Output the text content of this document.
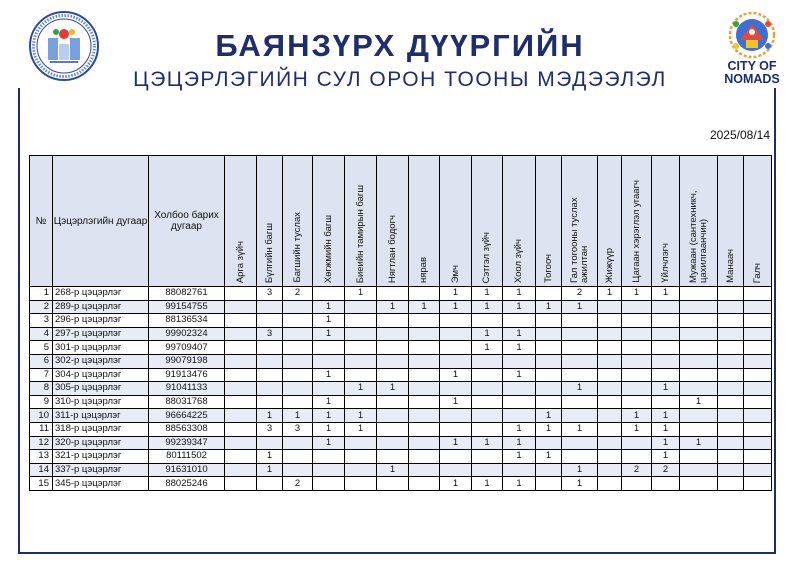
БАЯНЗҮРХ ДҮҮРГИЙН
ЦЭЦЭРЛЭГИЙН СУЛ ОРОН ТООНЫ МЭДЭЭЛЭЛ
CITY OF
NOMADS
2025/08/14
№	Цэцэрлэгийн дугаар	Холбоо барих дугаар	Арга зүйч	Бүлгийн багш	Багшийн туслах	Хөгжмийн багш	Биеийн тамирын багш	Нягтлан бодогч	нярав	Эмч	Сэтгэл зүйч	Хоол зүйч	Тогооч	Гал тогооны туслах ажилтан	Жижүүр	Цагаан хэрэглэл угаагч	Үйлчлэгч	Мужаан (сантехникч, цахилгаанчин)	Манаач	Галч
1	268-р цэцэрлэг	88082761		3	2		1			1	1	1		2	1	1	1			
2	289-р цэцэрлэг	99154755				1		1	1	1	1	1	1	1						
3	296-р цэцэрлэг	88136534				1														
4	297-р цэцэрлэг	99902324		3		1					1	1								
5	301-р цэцэрлэг	99709407									1	1								
6	302-р цэцэрлэг	99079198																		
7	304-р цэцэрлэг	91913476				1				1		1								
8	305-р цэцэрлэг	91041133					1	1						1			1			
9	310-р цэцэрлэг	88031768				1				1								1		
10	311-р цэцэрлэг	96664225		1	1	1	1						1			1	1			
11	318-р цэцэрлэг	88563308		3	3	1	1					1	1	1		1	1			
12	320-р цэцэрлэг	99239347				1				1	1	1					1	1		
13	321-р цэцэрлэг	80111502		1								1	1				1			
14	337-р цэцэрлэг	91631010		1				1						1		2	2			
15	345-р цэцэрлэг	88025246			2					1	1	1		1						
